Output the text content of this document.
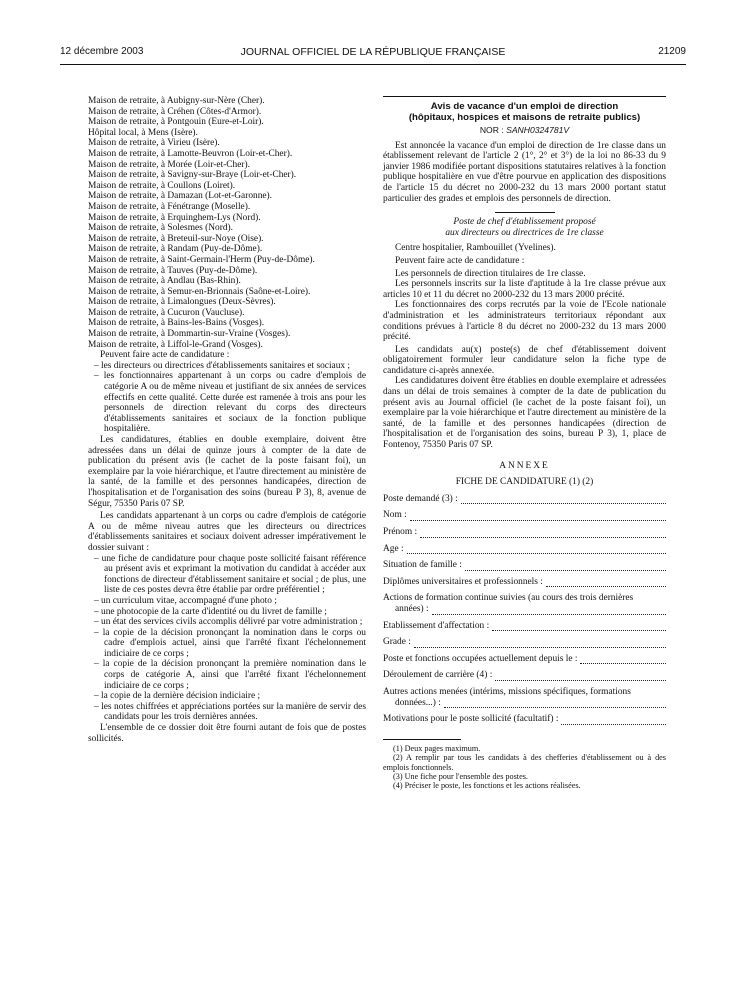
12 décembre 2003	JOURNAL OFFICIEL DE LA RÉPUBLIQUE FRANÇAISE	21209
Maison de retraite, à Aubigny-sur-Nère (Cher).
Maison de retraite, à Créhen (Côtes-d'Armor).
Maison de retraite, à Pontgouin (Eure-et-Loir).
Hôpital local, à Mens (Isère).
Maison de retraite, à Virieu (Isère).
Maison de retraite, à Lamotte-Beuvron (Loir-et-Cher).
Maison de retraite, à Morée (Loir-et-Cher).
Maison de retraite, à Savigny-sur-Braye (Loir-et-Cher).
Maison de retraite, à Coullons (Loiret).
Maison de retraite, à Damazan (Lot-et-Garonne).
Maison de retraite, à Fénétrange (Moselle).
Maison de retraite, à Erquinghem-Lys (Nord).
Maison de retraite, à Solesmes (Nord).
Maison de retraite, à Breteuil-sur-Noye (Oise).
Maison de retraite, à Randam (Puy-de-Dôme).
Maison de retraite, à Saint-Germain-l'Herm (Puy-de-Dôme).
Maison de retraite, à Tauves (Puy-de-Dôme).
Maison de retraite, à Andlau (Bas-Rhin).
Maison de retraite, à Semur-en-Brionnais (Saône-et-Loire).
Maison de retraite, à Limalongues (Deux-Sèvres).
Maison de retraite, à Cucuron (Vaucluse).
Maison de retraite, à Bains-les-Bains (Vosges).
Maison de retraite, à Dommartin-sur-Vraine (Vosges).
Maison de retraite, à Liffol-le-Grand (Vosges).

Peuvent faire acte de candidature :

– les directeurs ou directrices d'établissements sanitaires et sociaux ;

– les fonctionnaires appartenant à un corps ou cadre d'emplois de catégorie A ou de même niveau et justifiant de six années de services effectifs en cette qualité. Cette durée est ramenée à trois ans pour les personnels de direction relevant du corps des directeurs d'établissements sanitaires et sociaux de la fonction publique hospitalière.

Les candidatures, établies en double exemplaire, doivent être adressées dans un délai de quinze jours à compter de la date de publication du présent avis (le cachet de la poste faisant foi), un exemplaire par la voie hiérarchique, et l'autre directement au ministère de la santé, de la famille et des personnes handicapées, direction de l'hospitalisation et de l'organisation des soins (bureau P 3), 8, avenue de Ségur, 75350 Paris 07 SP.

Les candidats appartenant à un corps ou cadre d'emplois de catégorie A ou de même niveau autres que les directeurs ou directrices d'établissements sanitaires et sociaux doivent adresser impérativement le dossier suivant :

– une fiche de candidature pour chaque poste sollicité faisant référence au présent avis et exprimant la motivation du candidat à accéder aux fonctions de directeur d'établissement sanitaire et social ; de plus, une liste de ces postes devra être établie par ordre préférentiel ;

– un curriculum vitae, accompagné d'une photo ;

– une photocopie de la carte d'identité ou du livret de famille ;

– un état des services civils accomplis délivré par votre administration ;

– la copie de la décision prononçant la nomination dans le corps ou cadre d'emplois actuel, ainsi que l'arrêté fixant l'échelonnement indiciaire de ce corps ;

– la copie de la décision prononçant la première nomination dans le corps de catégorie A, ainsi que l'arrêté fixant l'échelonnement indiciaire de ce corps ;

– la copie de la dernière décision indiciaire ;

– les notes chiffrées et appréciations portées sur la manière de servir des candidats pour les trois dernières années.

L'ensemble de ce dossier doit être fourni autant de fois que de postes sollicités.

Avis de vacance d'un emploi de direction
(hôpitaux, hospices et maisons de retraite publics)
NOR : SANH0324781V

Est annoncée la vacance d'un emploi de direction de 1re classe dans un établissement relevant de l'article 2 (1°, 2° et 3°) de la loi no 86-33 du 9 janvier 1986 modifiée portant dispositions statutaires relatives à la fonction publique hospitalière en vue d'être pourvue en application des dispositions de l'article 15 du décret no 2000-232 du 13 mars 2000 portant statut particulier des grades et emplois des personnels de direction.

Poste de chef d'établissement proposé
aux directeurs ou directrices de 1re classe

Centre hospitalier, Rambouillet (Yvelines).

Peuvent faire acte de candidature :

Les personnels de direction titulaires de 1re classe.

Les personnels inscrits sur la liste d'aptitude à la 1re classe prévue aux articles 10 et 11 du décret no 2000-232 du 13 mars 2000 précité.

Les fonctionnaires des corps recrutés par la voie de l'Ecole nationale d'administration et les administrateurs territoriaux répondant aux conditions prévues à l'article 8 du décret no 2000-232 du 13 mars 2000 précité.

Les candidats au(x) poste(s) de chef d'établissement doivent obligatoirement formuler leur candidature selon la fiche type de candidature ci-après annexée.

Les candidatures doivent être établies en double exemplaire et adressées dans un délai de trois semaines à compter de la date de publication du présent avis au Journal officiel (le cachet de la poste faisant foi), un exemplaire par la voie hiérarchique et l'autre directement au ministère de la santé, de la famille et des personnes handicapées (direction de l'hospitalisation et de l'organisation des soins, bureau P 3), 1, place de Fontenoy, 75350 Paris 07 SP.

ANNEXE
FICHE DE CANDIDATURE (1) (2)
Poste demandé (3) :
Nom :
Prénom :
Age :
Situation de famille :
Diplômes universitaires et professionnels :
Actions de formation continue suivies (au cours des trois dernières
années) :
Etablissement d'affectation :
Grade :
Poste et fonctions occupées actuellement depuis le :
Déroulement de carrière (4) :
Autres actions menées (intérims, missions spécifiques, formations
données...) :
Motivations pour le poste sollicité (facultatif) :

(1) Deux pages maximum.

(2) A remplir par tous les candidats à des chefferies d'établissement ou à des emplois fonctionnels.

(3) Une fiche pour l'ensemble des postes.

(4) Préciser le poste, les fonctions et les actions réalisées.
